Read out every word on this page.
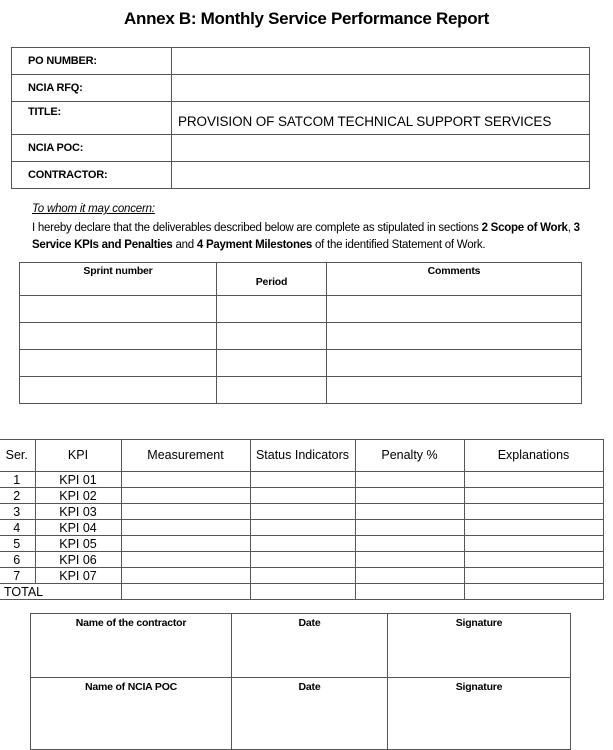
Annex B: Monthly Service Performance Report
PO NUMBER:	
NCIA RFQ:	
TITLE:	PROVISION OF SATCOM TECHNICAL SUPPORT SERVICES
NCIA POC:	
CONTRACTOR:	
To whom it may concern:
I hereby declare that the deliverables described below are complete as stipulated in sections 2 Scope of Work, 3 Service KPIs and Penalties and 4 Payment Milestones of the identified Statement of Work.
Sprint number	Period	Comments

Ser.	KPI	Measurement	Status Indicators	Penalty %	Explanations
1	KPI 01				
2	KPI 02				
3	KPI 03				
4	KPI 04				
5	KPI 05				
6	KPI 06				
7	KPI 07				
TOTAL					
Name of the contractor	Date	Signature
Name of NCIA POC	Date	Signature
